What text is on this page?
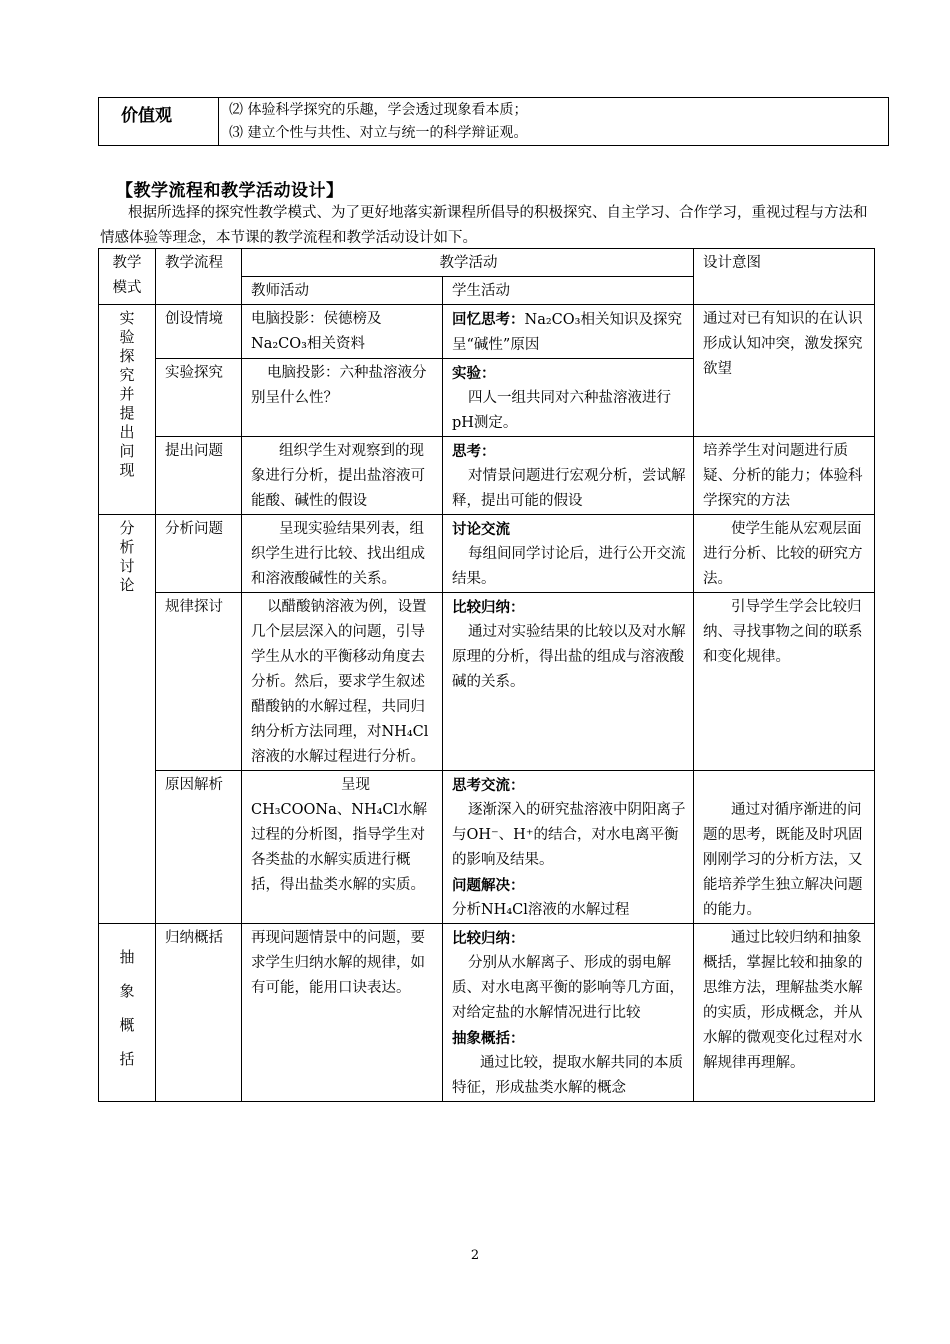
价值观	⑵ 体验科学探究的乐趣，学会透过现象看本质；
⑶ 建立个性与共性、对立与统一的科学辩证观。
【教学流程和教学活动设计】
根据所选择的探究性教学模式、为了更好地落实新课程所倡导的积极探究、自主学习、合作学习，重视过程与方法和情感体验等理念，本节课的教学流程和教学活动设计如下。
教学模式	教学流程	教学活动		设计意图
		教师活动	学生活动	

实验探究并提出问现	创设情境	电脑投影：侯德榜及Na₂CO₃相关资料	回忆思考：Na₂CO₃相关知识及探究呈“碱性”原因	通过对已有知识的在认识形成认知冲突，激发探究欲望
	实验探究	电脑投影：六种盐溶液分别呈什么性？	实验：
四人一组共同对六种盐溶液进行pH测定。	

	提出问题	组织学生对观察到的现象进行分析，提出盐溶液可能酸、碱性的假设	思考：
对情景问题进行宏观分析，尝试解释，提出可能的假设	培养学生对问题进行质疑、分析的能力；体验科学探究的方法

分析讨论	分析问题	呈现实验结果列表，组织学生进行比较、找出组成和溶液酸碱性的关系。	讨论交流
每组间同学讨论后，进行公开交流结果。	使学生能从宏观层面进行分析、比较的研究方法。
	规律探讨	以醋酸钠溶液为例，设置几个层层深入的问题，引导学生从水的平衡移动角度去分析。然后，要求学生叙述醋酸钠的水解过程，共同归纳分析方法同理，对NH₄Cl溶液的水解过程进行分析。	比较归纳：
通过对实验结果的比较以及对水解原理的分析，得出盐的组成与溶液酸碱的关系。	引导学生学会比较归纳、寻找事物之间的联系和变化规律。
	原因解析	呈现CH₃COONa、NH₄Cl水解过程的分析图，指导学生对各类盐的水解实质进行概括，得出盐类水解的实质。	思考交流：
逐渐深入的研究盐溶液中阴阳离子与OH⁻、H⁺的结合，对水电离平衡的影响及结果。
问题解决：
分析NH₄Cl溶液的水解过程	通过对循序渐进的问题的思考，既能及时巩固刚刚学习的分析方法，又能培养学生独立解决问题的能力。

抽象概括	归纳概括	再现问题情景中的问题，要求学生归纳水解的规律，如有可能，能用口诀表达。	比较归纳：
分别从水解离子、形成的弱电解质、对水电离平衡的影响等几方面，对给定盐的水解情况进行比较
抽象概括：
通过比较，提取水解共同的本质特征，形成盐类水解的概念	通过比较归纳和抽象概括，掌握比较和抽象的思维方法，理解盐类水解的实质，形成概念，并从水解的微观变化过程对水解规律再理解。
2
